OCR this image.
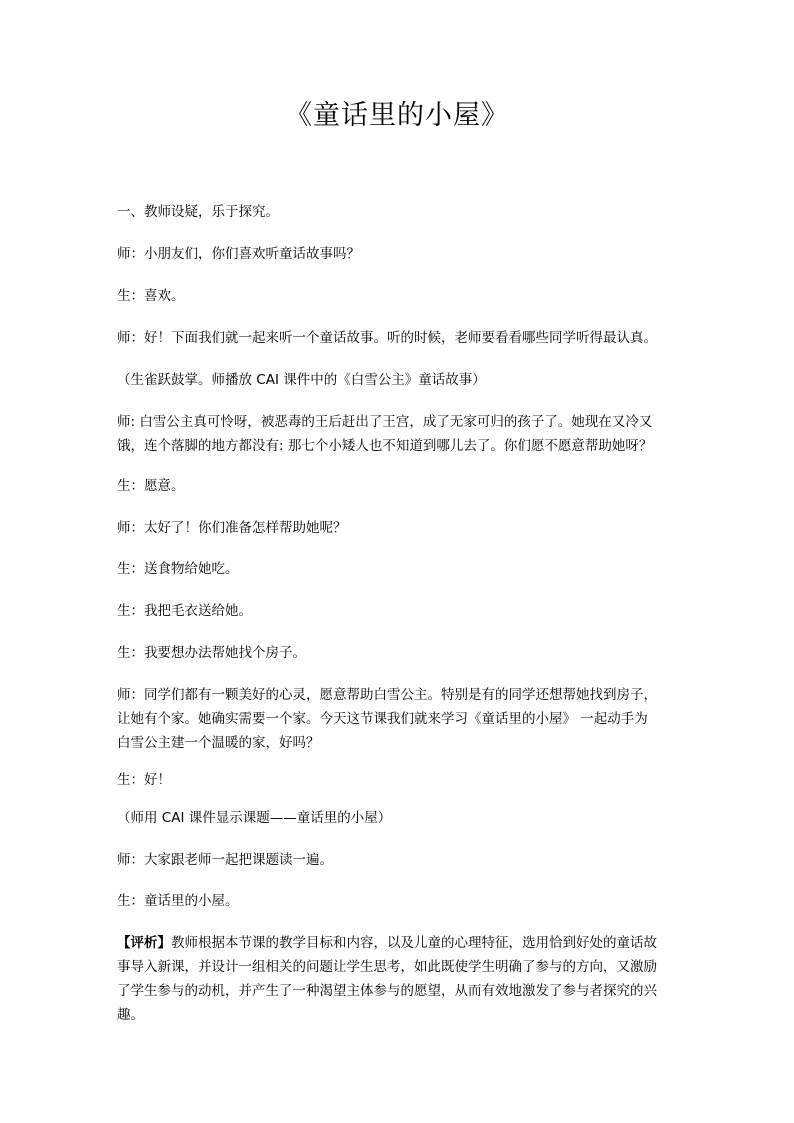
《童话里的小屋》
一、教师设疑，乐于探究。
师：小朋友们，你们喜欢听童话故事吗？
生：喜欢。
师：好！下面我们就一起来听一个童话故事。听的时候，老师要看看哪些同学听得最认真。
（生雀跃鼓掌。师播放 CAI 课件中的《白雪公主》童话故事）
师: 白雪公主真可怜呀，被恶毒的王后赶出了王宫，成了无家可归的孩子了。她现在又冷又
饿，连个落脚的地方都没有: 那七个小矮人也不知道到哪儿去了。你们愿不愿意帮助她呀？
生：愿意。
师：太好了！你们准备怎样帮助她呢？
生：送食物给她吃。
生：我把毛衣送给她。
生：我要想办法帮她找个房子。
师：同学们都有一颗美好的心灵，愿意帮助白雪公主。特别是有的同学还想帮她找到房子，
让她有个家。她确实需要一个家。今天这节课我们就来学习《童话里的小屋》 一起动手为
白雪公主建一个温暖的家，好吗？
生：好！
（师用 CAI 课件显示课题——童话里的小屋）
师：大家跟老师一起把课题读一遍。
生：童话里的小屋。
【评析】教师根据本节课的教学目标和内容，以及儿童的心理特征，选用恰到好处的童话故
事导入新课，并设计一组相关的问题让学生思考，如此既使学生明确了参与的方向，又激励
了学生参与的动机，并产生了一种渴望主体参与的愿望，从而有效地激发了参与者探究的兴
趣。
